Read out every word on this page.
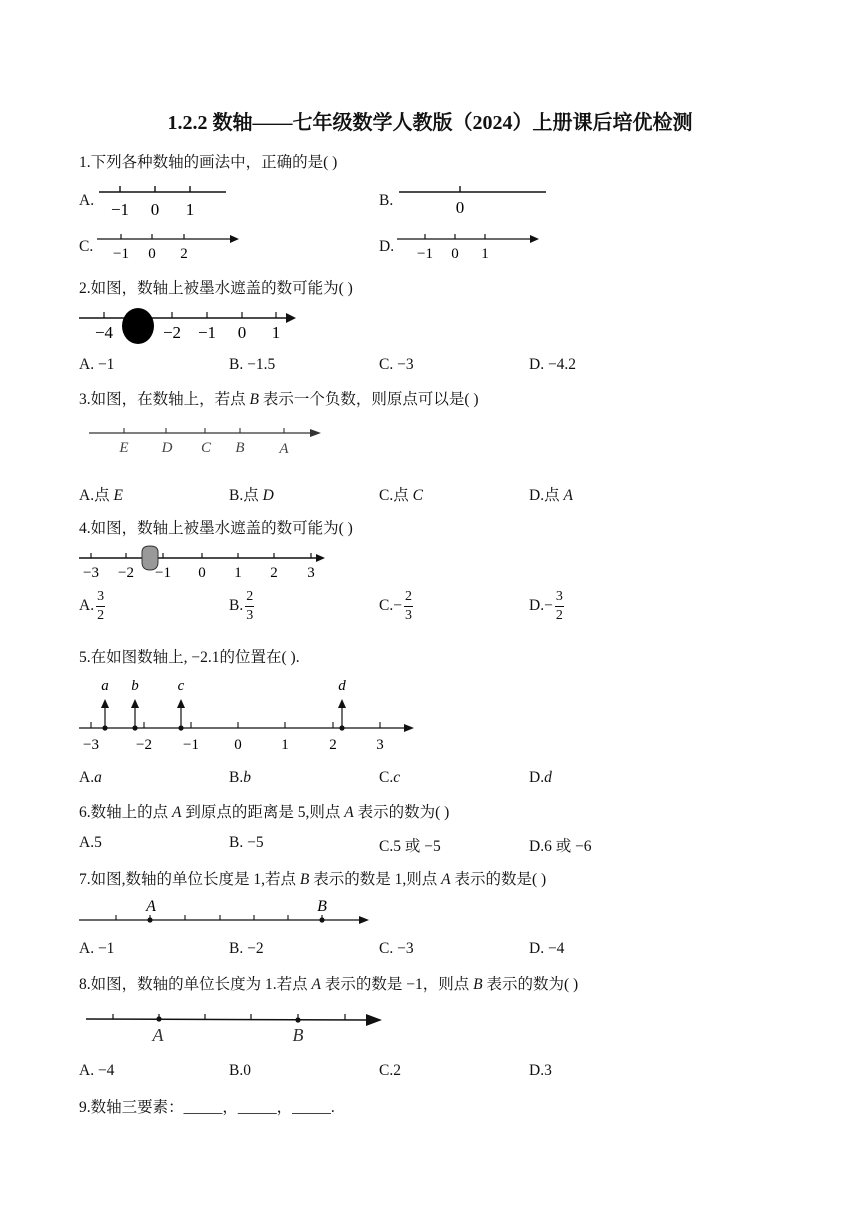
1.2.2 数轴——七年级数学人教版（2024）上册课后培优检测
1.下列各种数轴的画法中，正确的是( )
A. −1 0 1	B.	0
C. −1 0 2	D. −1 0 1
2.如图，数轴上被墨水遮盖的数可能为( )
−4	−2 −1 0 1
A. −1	B. −1.5	C. −3	D. −4.2
3.如图，在数轴上，若点 B 表示一个负数，则原点可以是( )
E D C B A
A.点 E	B.点 D	C.点 C	D.点 A
4.如图，数轴上被墨水遮盖的数可能为( )
−3 −2 −1 0 1 2 3
A. $\frac{3}{2}$	B. $\frac{2}{3}$	$C.- \frac{2}{3}$	$D.- \frac{3}{2}$
5.在如图数轴上, −2.1的位置在( ).
a b	c	d
−3 −2 −1 0	1	2	3
A.a	B.b	C.c	D.d
6.数轴上的点 A 到原点的距离是 5,则点 A 表示的数为( )
A.5	B. −5	C.5 或 −5	D.6 或 −6
7.如图,数轴的单位长度是 1,若点 B 表示的数是 1,则点 A 表示的数是( )
A	B
A. −1	B. −2	C. −3	D. −4
8.如图，数轴的单位长度为 1.若点 A 表示的数是 −1，则点 B 表示的数为( )
A	B
A. −4	B.0	C.2	D.3
9.数轴三要素：_____，_____，_____.
